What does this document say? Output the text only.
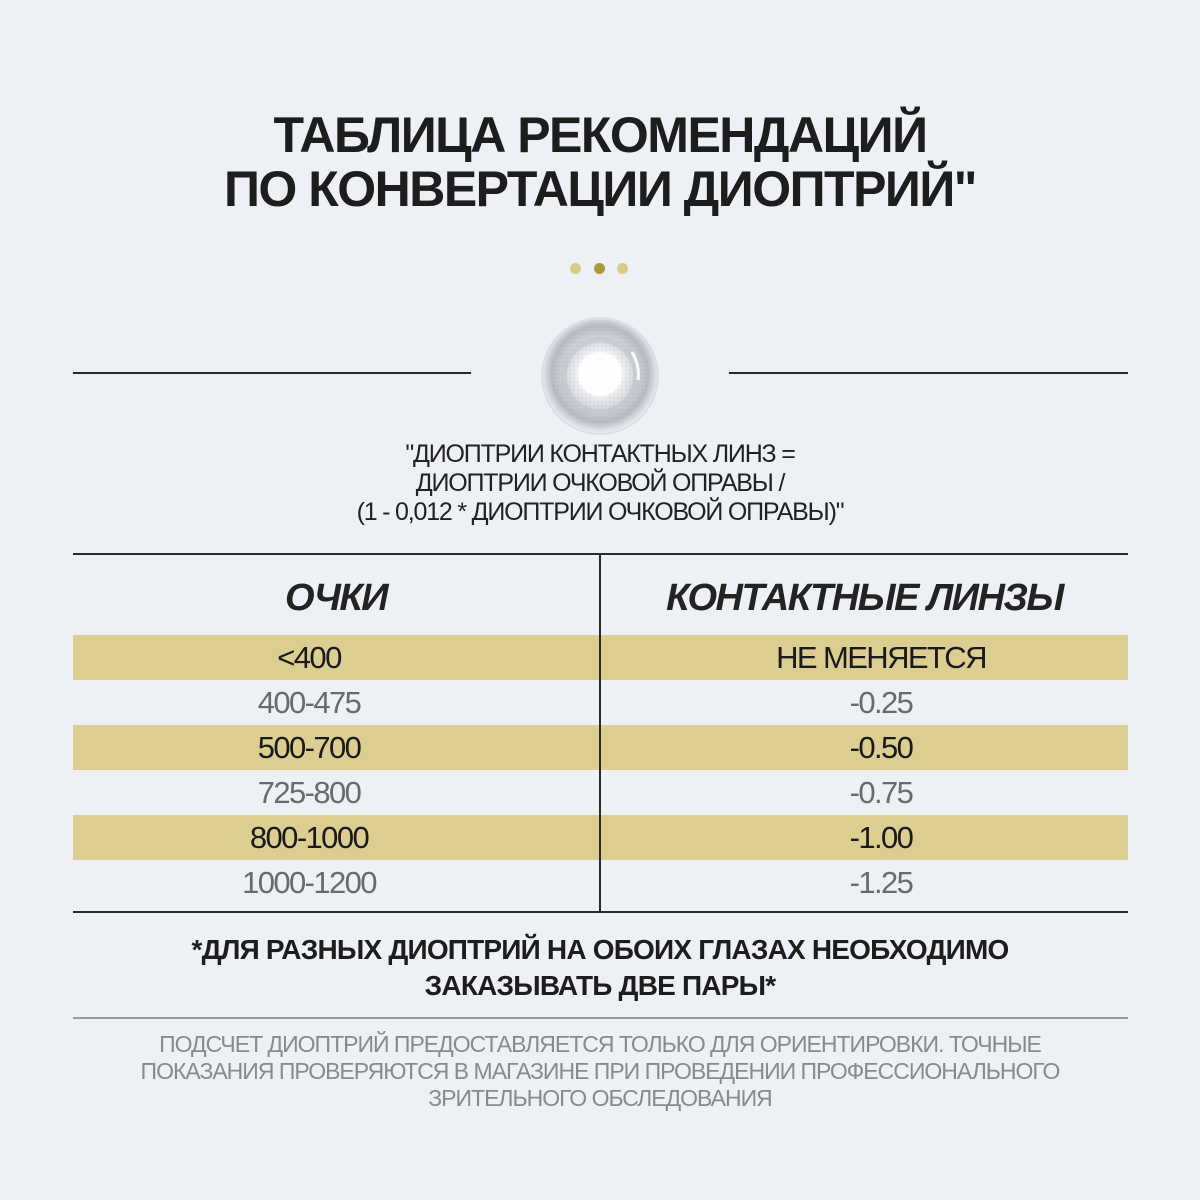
ТАБЛИЦА РЕКОМЕНДАЦИЙ
ПО КОНВЕРТАЦИИ ДИОПТРИЙ"
"ДИОПТРИИ КОНТАКТНЫХ ЛИНЗ =
ДИОПТРИИ ОЧКОВОЙ ОПРАВЫ /
(1 - 0,012 * ДИОПТРИИ ОЧКОВОЙ ОПРАВЫ)"
ОЧКИ	КОНТАКТНЫЕ ЛИНЗЫ
<400	НЕ МЕНЯЕТСЯ
400-475	-0.25
500-700	-0.50
725-800	-0.75
800-1000	-1.00
1000-1200	-1.25
*ДЛЯ РАЗНЫХ ДИОПТРИЙ НА ОБОИХ ГЛАЗАХ НЕОБХОДИМО
ЗАКАЗЫВАТЬ ДВЕ ПАРЫ*
ПОДСЧЕТ ДИОПТРИЙ ПРЕДОСТАВЛЯЕТСЯ ТОЛЬКО ДЛЯ ОРИЕНТИРОВКИ. ТОЧНЫЕ
ПОКАЗАНИЯ ПРОВЕРЯЮТСЯ В МАГАЗИНЕ ПРИ ПРОВЕДЕНИИ ПРОФЕССИОНАЛЬНОГО
ЗРИТЕЛЬНОГО ОБСЛЕДОВАНИЯ
